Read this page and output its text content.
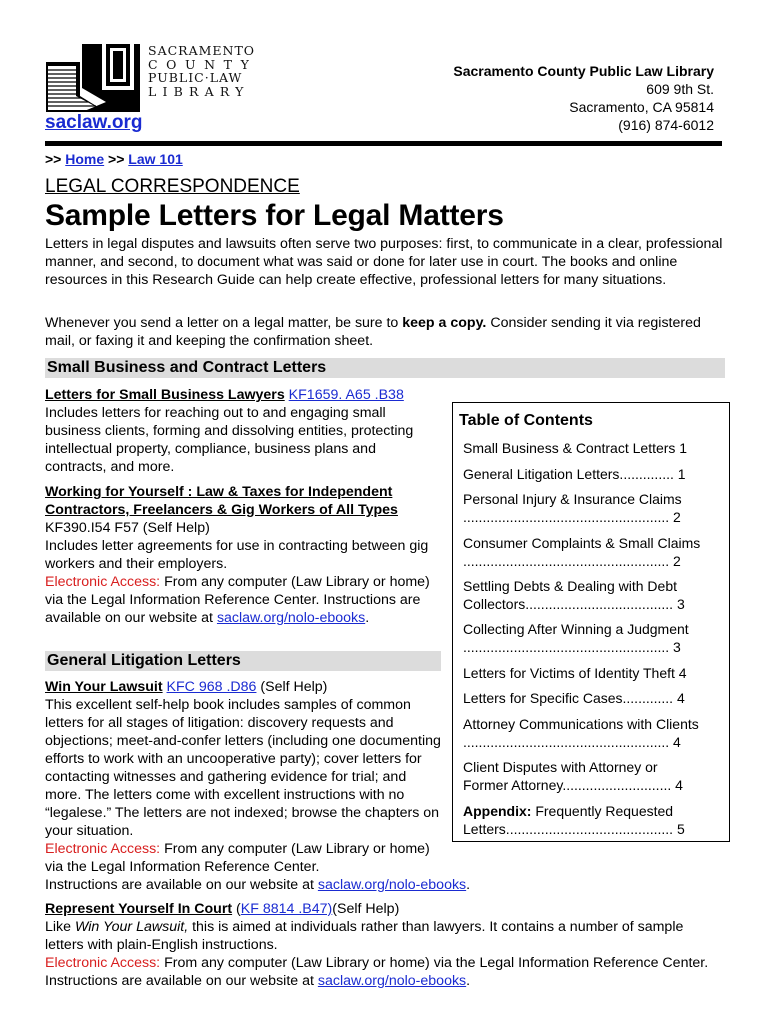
SACRAMENTO
COUNTY
PUBLIC·LAW
LIBRARY
saclaw.org
Sacramento County Public Law Library
609 9th St.
Sacramento, CA 95814
(916) 874-6012
>> Home >> Law 101
LEGAL CORRESPONDENCE
Sample Letters for Legal Matters
Letters in legal disputes and lawsuits often serve two purposes: first, to communicate in a clear, professional manner, and second, to document what was said or done for later use in court. The books and online resources in this Research Guide can help create effective, professional letters for many situations.
Whenever you send a letter on a legal matter, be sure to keep a copy. Consider sending it via registered mail, or faxing it and keeping the confirmation sheet.
Small Business and Contract Letters
Letters for Small Business Lawyers KF1659. A65 .B38
Includes letters for reaching out to and engaging small business clients, forming and dissolving entities, protecting intellectual property, compliance, business plans and contracts, and more.
Working for Yourself : Law & Taxes for Independent
Contractors, Freelancers & Gig Workers of All Types
KF390.I54 F57 (Self Help)
Includes letter agreements for use in contracting between gig workers and their employers.
Electronic Access: From any computer (Law Library or home) via the Legal Information Reference Center. Instructions are available on our website at saclaw.org/nolo-ebooks.
General Litigation Letters
Win Your Lawsuit KFC 968 .D86 (Self Help)
This excellent self-help book includes samples of common letters for all stages of litigation: discovery requests and objections; meet-and-confer letters (including one documenting efforts to work with an uncooperative party); cover letters for contacting witnesses and gathering evidence for trial; and more. The letters come with excellent instructions with no “legalese.” The letters are not indexed; browse the chapters on your situation.
Electronic Access: From any computer (Law Library or home) via the Legal Information Reference Center.
Instructions are available on our website at saclaw.org/nolo-ebooks.
Represent Yourself In Court (KF 8814 .B47)(Self Help)
Like Win Your Lawsuit, this is aimed at individuals rather than lawyers. It contains a number of sample letters with plain-English instructions.
Electronic Access: From any computer (Law Library or home) via the Legal Information Reference Center. Instructions are available on our website at saclaw.org/nolo-ebooks.
Table of Contents
Small Business & Contract Letters 1
General Litigation Letters.............. 1
Personal Injury & Insurance Claims
..................................................... 2
Consumer Complaints & Small Claims
..................................................... 2
Settling Debts & Dealing with Debt
Collectors...................................... 3
Collecting After Winning a Judgment
..................................................... 3
Letters for Victims of Identity Theft 4
Letters for Specific Cases............. 4
Attorney Communications with Clients
..................................................... 4
Client Disputes with Attorney or
Former Attorney............................ 4
Appendix: Frequently Requested
Letters........................................... 5
